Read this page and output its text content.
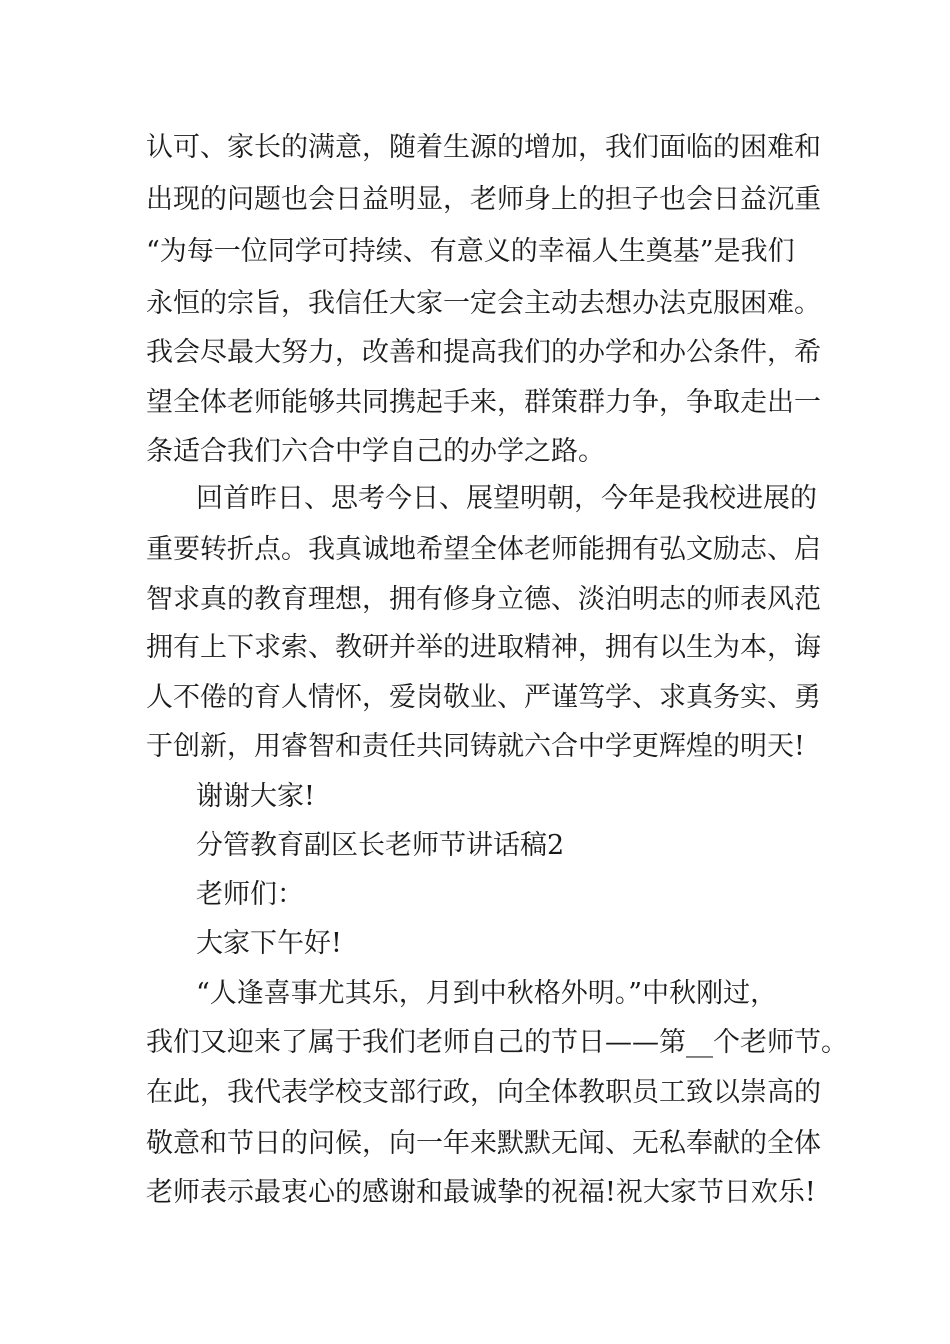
认可、家长的满意，随着生源的增加，我们面临的困难和

出现的问题也会日益明显，老师身上的担子也会日益沉重

“为每一位同学可持续、有意义的幸福人生奠基”是我们

永恒的宗旨，我信任大家一定会主动去想办法克服困难。

我会尽最大努力，改善和提高我们的办学和办公条件，希

望全体老师能够共同携起手来，群策群力争，争取走出一

条适合我们六合中学自己的办学之路。

回首昨日、思考今日、展望明朝，今年是我校进展的

重要转折点。我真诚地希望全体老师能拥有弘文励志、启

智求真的教育理想，拥有修身立德、淡泊明志的师表风范

拥有上下求索、教研并举的进取精神，拥有以生为本，诲

人不倦的育人情怀，爱岗敬业、严谨笃学、求真务实、勇

于创新，用睿智和责任共同铸就六合中学更辉煌的明天!

谢谢大家!

分管教育副区长老师节讲话稿2

老师们：

大家下午好!

“人逢喜事尤其乐，月到中秋格外明。”中秋刚过，

我们又迎来了属于我们老师自己的节日——第__个老师节。

在此，我代表学校支部行政，向全体教职员工致以崇高的

敬意和节日的问候，向一年来默默无闻、无私奉献的全体

老师表示最衷心的感谢和最诚挚的祝福!祝大家节日欢乐!
